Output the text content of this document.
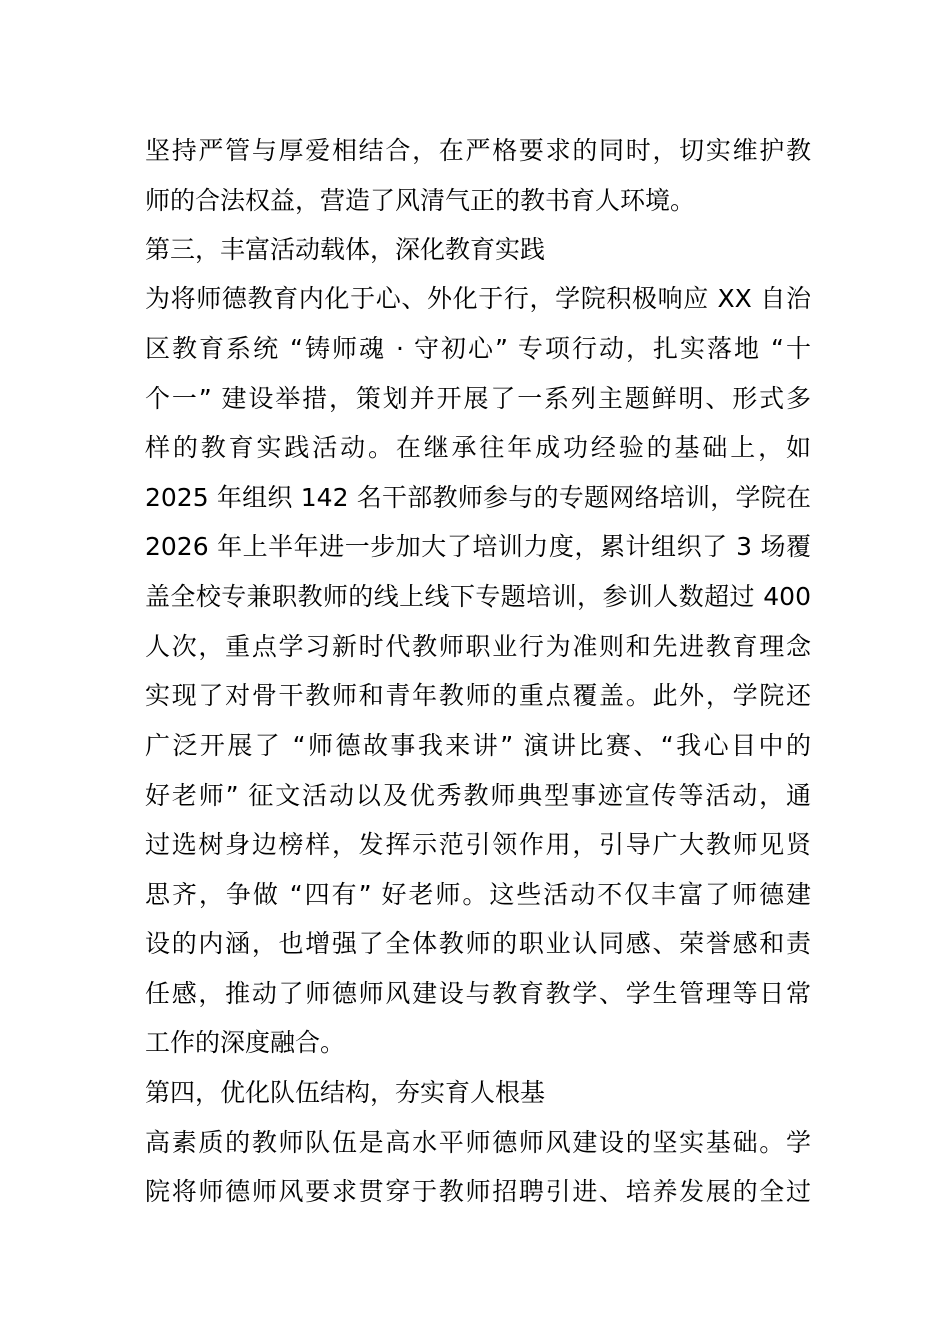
坚持严管与厚爱相结合，在严格要求的同时，切实维护教
师的合法权益，营造了风清气正的教书育人环境。
第三，丰富活动载体，深化教育实践
为将师德教育内化于心、外化于行，学院积极响应 XX 自治
区教育系统 “铸师魂 · 守初心” 专项行动，扎实落地 “十
个一” 建设举措，策划并开展了一系列主题鲜明、形式多
样的教育实践活动。在继承往年成功经验的基础上，如
2025 年组织 142 名干部教师参与的专题网络培训，学院在
2026 年上半年进一步加大了培训力度，累计组织了 3 场覆
盖全校专兼职教师的线上线下专题培训，参训人数超过 400
人次，重点学习新时代教师职业行为准则和先进教育理念
实现了对骨干教师和青年教师的重点覆盖。此外，学院还
广泛开展了 “师德故事我来讲” 演讲比赛、“我心目中的
好老师” 征文活动以及优秀教师典型事迹宣传等活动，通
过选树身边榜样，发挥示范引领作用，引导广大教师见贤
思齐，争做 “四有” 好老师。这些活动不仅丰富了师德建
设的内涵，也增强了全体教师的职业认同感、荣誉感和责
任感，推动了师德师风建设与教育教学、学生管理等日常
工作的深度融合。
第四，优化队伍结构，夯实育人根基
高素质的教师队伍是高水平师德师风建设的坚实基础。学
院将师德师风要求贯穿于教师招聘引进、培养发展的全过
